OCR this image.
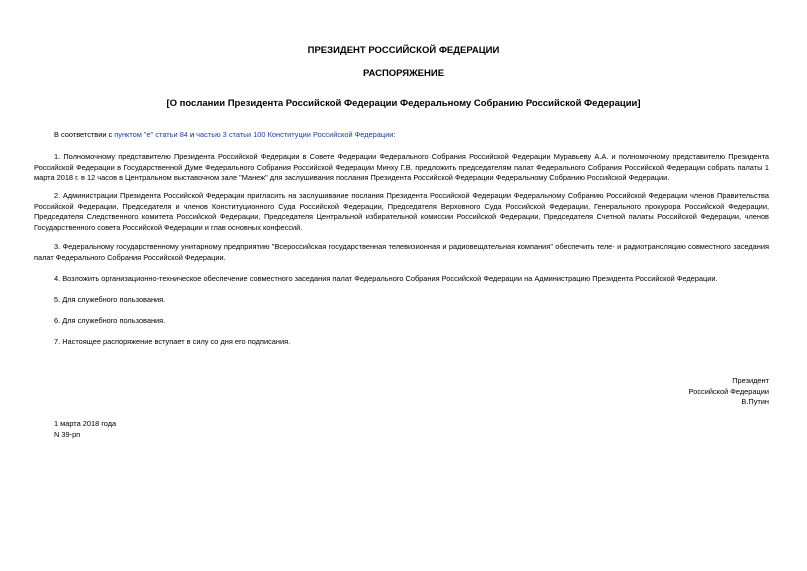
ПРЕЗИДЕНТ РОССИЙСКОЙ ФЕДЕРАЦИИ
РАСПОРЯЖЕНИЕ
[О послании Президента Российской Федерации Федеральному Собранию Российской Федерации]
В соответствии с пунктом "е" статьи 84 и частью 3 статьи 100 Конституции Российской Федерации:
1. Полномочному представителю Президента Российской Федерации в Совете Федерации Федерального Собрания Российской Федерации Муравьеву А.А. и полномочному представителю Президента Российской Федерации в Государственной Думе Федерального Собрания Российской Федерации Минху Г.В. предложить председателям палат Федерального Собрания Российской Федерации собрать палаты 1 марта 2018 г. в 12 часов в Центральном выставочном зале "Манеж" для заслушивания послания Президента Российской Федерации Федеральному Собранию Российской Федерации.
2. Администрации Президента Российской Федерации пригласить на заслушивание послания Президента Российской Федерации Федеральному Собранию Российской Федерации членов Правительства Российской Федерации, Председателя и членов Конституционного Суда Российской Федерации, Председателя Верховного Суда Российской Федерации, Генерального прокурора Российской Федерации, Председателя Следственного комитета Российской Федерации, Председателя Центральной избирательной комиссии Российской Федерации, Председателя Счетной палаты Российской Федерации, членов Государственного совета Российской Федерации и глав основных конфессий.
3. Федеральному государственному унитарному предприятию "Всероссийская государственная телевизионная и радиовещательная компания" обеспечить теле- и радиотрансляцию совместного заседания палат Федерального Собрания Российской Федерации.
4. Возложить организационно-техническое обеспечение совместного заседания палат Федерального Собрания Российской Федерации на Администрацию Президента Российской Федерации.
5. Для служебного пользования.
6. Для служебного пользования.
7. Настоящее распоряжение вступает в силу со дня его подписания.
Президент
Российской Федерации
В.Путин
1 марта 2018 года
N 39-рп
